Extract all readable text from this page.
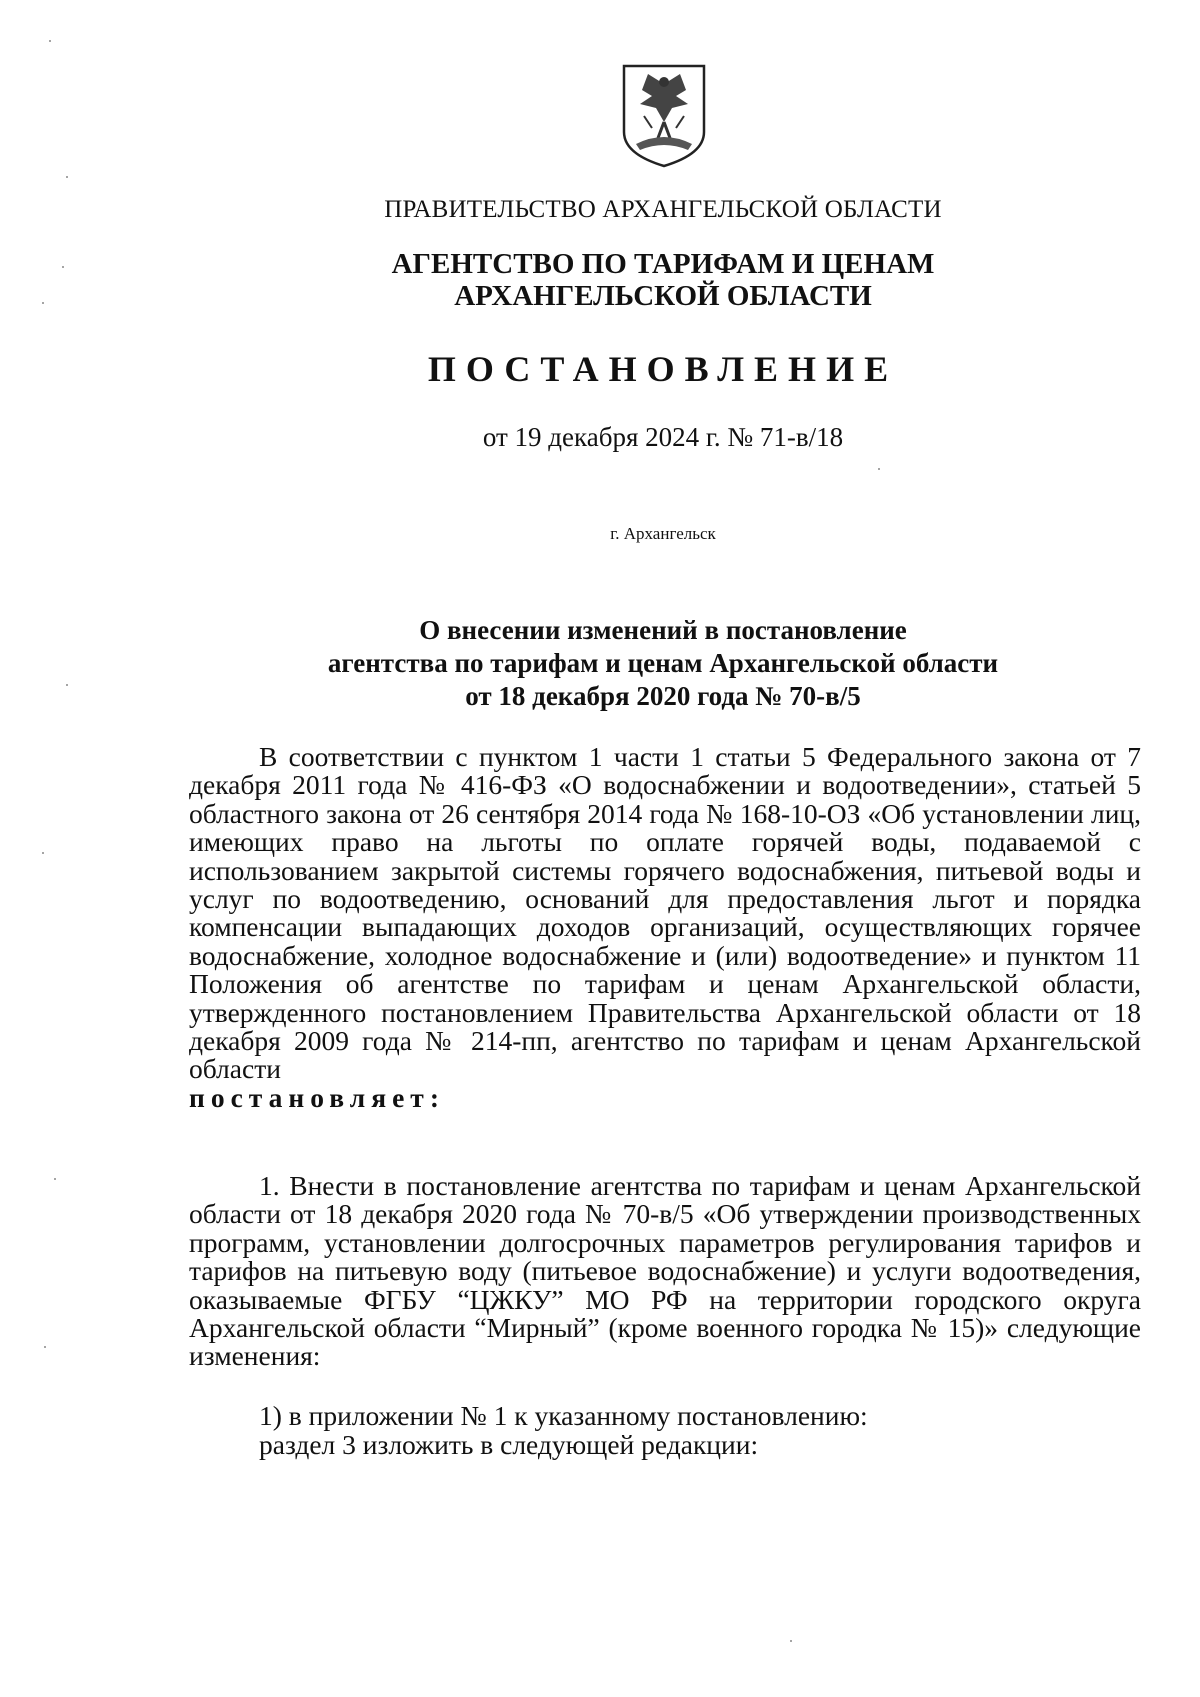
ПРАВИТЕЛЬСТВО АРХАНГЕЛЬСКОЙ ОБЛАСТИ
АГЕНТСТВО ПО ТАРИФАМ И ЦЕНАМ
АРХАНГЕЛЬСКОЙ ОБЛАСТИ
ПОСТАНОВЛЕНИЕ
от 19 декабря 2024 г. № 71-в/18
г. Архангельск
О внесении изменений в постановление
агентства по тарифам и ценам Архангельской области
от 18 декабря 2020 года № 70-в/5

В соответствии с пунктом 1 части 1 статьи 5 Федерального закона от 7 декабря 2011 года № 416-ФЗ «О водоснабжении и водоотведении», статьей 5 областного закона от 26 сентября 2014 года № 168-10-ОЗ «Об установлении лиц, имеющих право на льготы по оплате горячей воды, подаваемой с использованием закрытой системы горячего водоснабжения, питьевой воды и услуг по водоотведению, оснований для предоставления льгот и порядка компенсации выпадающих доходов организаций, осуществляющих горячее водоснабжение, холодное водоснабжение и (или) водоотведение» и пунктом 11 Положения об агентстве по тарифам и ценам Архангельской области, утвержденного постановлением Правительства Архангельской области от 18 декабря 2009 года № 214-пп, агентство по тарифам и ценам Архангельской области

постановляет:

1. Внести в постановление агентства по тарифам и ценам Архангельской области от 18 декабря 2020 года № 70-в/5 «Об утверждении производственных программ, установлении долгосрочных параметров регулирования тарифов и тарифов на питьевую воду (питьевое водоснабжение) и услуги водоотведения, оказываемые ФГБУ “ЦЖКУ” МО РФ на территории городского округа Архангельской области “Мирный” (кроме военного городка № 15)» следующие изменения:

1) в приложении № 1 к указанному постановлению:
раздел 3 изложить в следующей редакции:
